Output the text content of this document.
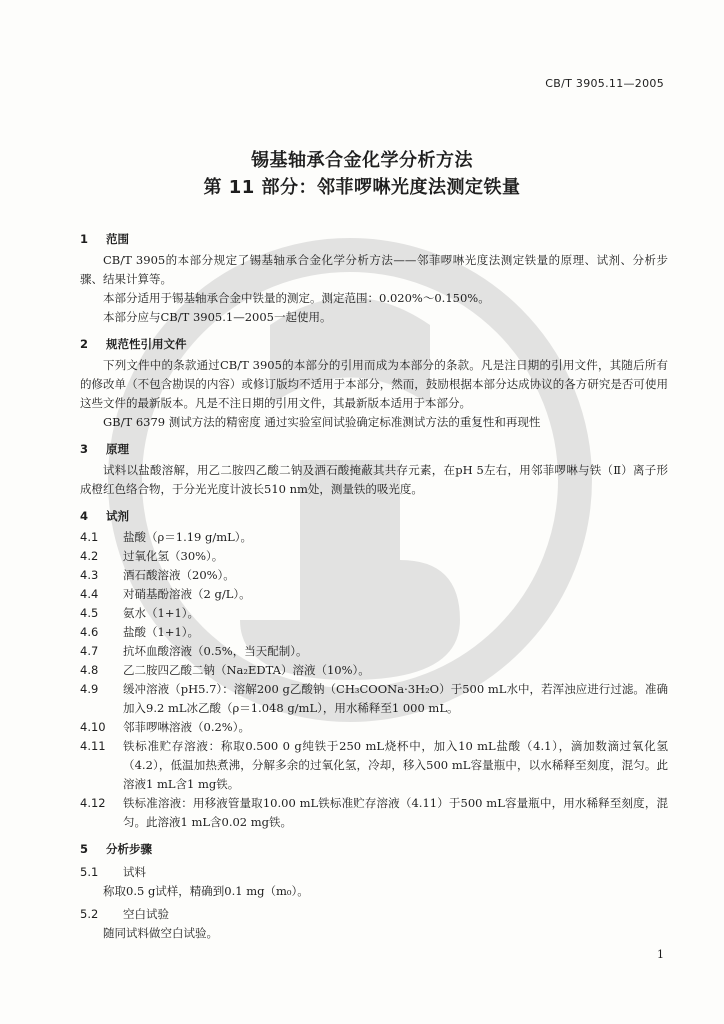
CB/T 3905.11—2005
锡基轴承合金化学分析方法
第 11 部分：邻菲啰啉光度法测定铁量
1 范围
CB/T 3905的本部分规定了锡基轴承合金化学分析方法——邻菲啰啉光度法测定铁量的原理、试剂、分析步骤、结果计算等。
本部分适用于锡基轴承合金中铁量的测定。测定范围：0.020%～0.150%。
本部分应与CB/T 3905.1—2005一起使用。
2 规范性引用文件
下列文件中的条款通过CB/T 3905的本部分的引用而成为本部分的条款。凡是注日期的引用文件，其随后所有的修改单（不包含勘误的内容）或修订版均不适用于本部分，然而，鼓励根据本部分达成协议的各方研究是否可使用这些文件的最新版本。凡是不注日期的引用文件，其最新版本适用于本部分。
GB/T 6379 测试方法的精密度 通过实验室间试验确定标准测试方法的重复性和再现性
3 原理
试料以盐酸溶解，用乙二胺四乙酸二钠及酒石酸掩蔽其共存元素，在pH 5左右，用邻菲啰啉与铁（Ⅱ）离子形成橙红色络合物，于分光光度计波长510 nm处，测量铁的吸光度。
4 试剂
4.1	盐酸（ρ＝1.19 g/mL）。
4.2	过氧化氢（30%）。
4.3	酒石酸溶液（20%）。
4.4	对硝基酚溶液（2 g/L）。
4.5	氨水（1+1）。
4.6	盐酸（1+1）。
4.7	抗坏血酸溶液（0.5%，当天配制）。
4.8	乙二胺四乙酸二钠（Na₂EDTA）溶液（10%）。
4.9	缓冲溶液（pH5.7）：溶解200 g乙酸钠（CH₃COONa·3H₂O）于500 mL水中，若浑浊应进行过滤。准确加入9.2 mL冰乙酸（ρ＝1.048 g/mL），用水稀释至1 000 mL。
4.10	邻菲啰啉溶液（0.2%）。
4.11	铁标准贮存溶液：称取0.500 0 g纯铁于250 mL烧杯中，加入10 mL盐酸（4.1），滴加数滴过氧化氢（4.2），低温加热煮沸，分解多余的过氧化氢，冷却，移入500 mL容量瓶中，以水稀释至刻度，混匀。此溶液1 mL含1 mg铁。
4.12	铁标准溶液：用移液管量取10.00 mL铁标准贮存溶液（4.11）于500 mL容量瓶中，用水稀释至刻度，混匀。此溶液1 mL含0.02 mg铁。
5 分析步骤
5.1	试料
称取0.5 g试样，精确到0.1 mg（m₀）。
5.2	空白试验
随同试料做空白试验。
1
